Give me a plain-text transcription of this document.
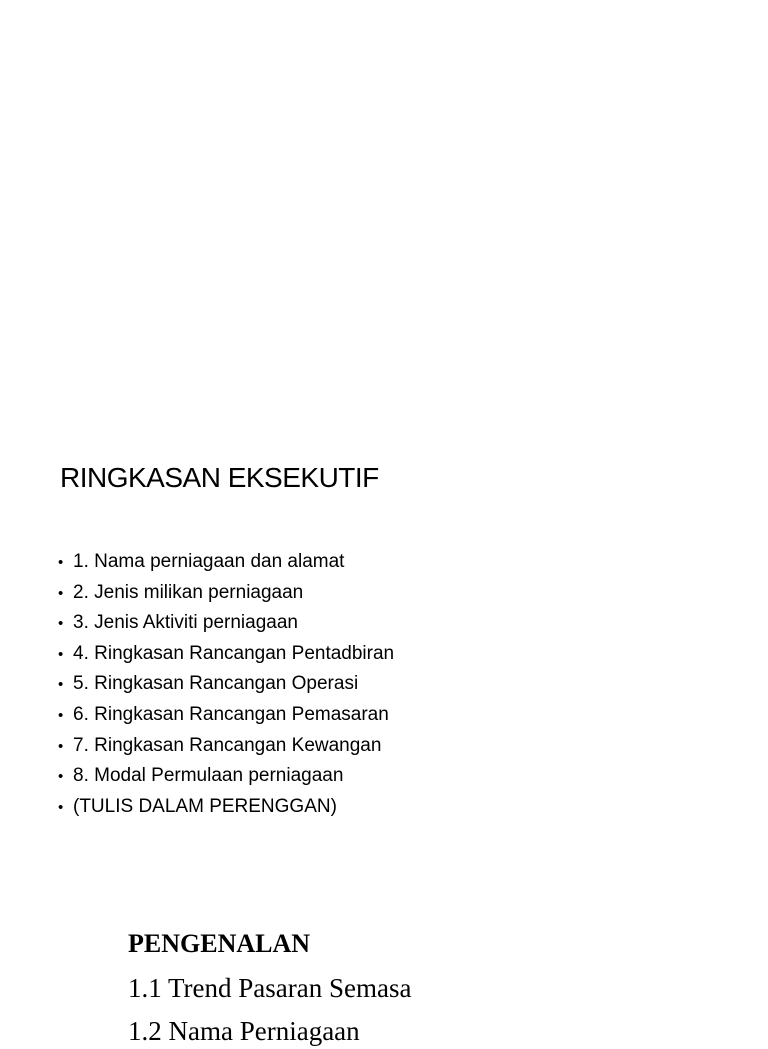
RINGKASAN EKSEKUTIF
• 1. Nama perniagaan dan alamat
• 2. Jenis milikan perniagaan
• 3. Jenis Aktiviti perniagaan
• 4. Ringkasan Rancangan Pentadbiran
• 5. Ringkasan Rancangan Operasi
• 6. Ringkasan Rancangan Pemasaran
• 7. Ringkasan Rancangan Kewangan
• 8. Modal Permulaan perniagaan
• (TULIS DALAM PERENGGAN)
PENGENALAN
1.1 Trend Pasaran Semasa
1.2 Nama Perniagaan
